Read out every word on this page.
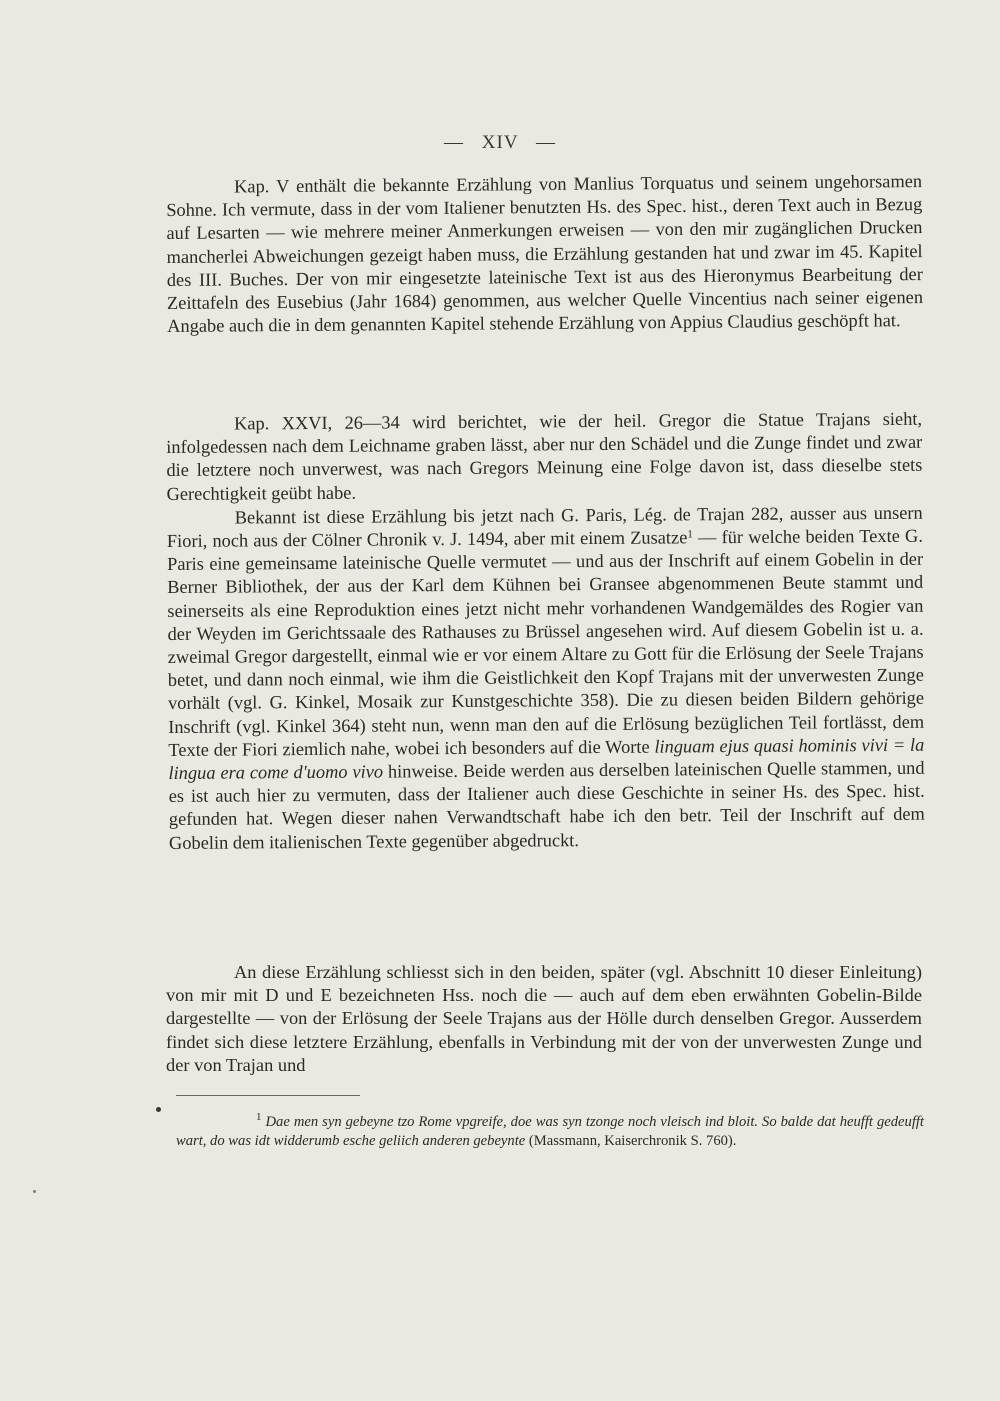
— XIV —

Kap. V enthält die bekannte Erzählung von Manlius Torquatus und seinem ungehorsamen Sohne. Ich vermute, dass in der vom Italiener benutzten Hs. des Spec. hist., deren Text auch in Bezug auf Lesarten — wie mehrere meiner Anmerkungen erweisen — von den mir zugänglichen Drucken mancherlei Abweichungen gezeigt haben muss, die Erzählung gestanden hat und zwar im 45. Kapitel des III. Buches. Der von mir eingesetzte lateinische Text ist aus des Hieronymus Bearbeitung der Zeittafeln des Eusebius (Jahr 1684) genommen, aus welcher Quelle Vincentius nach seiner eigenen Angabe auch die in dem genannten Kapitel stehende Erzählung von Appius Claudius geschöpft hat.

Kap. XXVI, 26—34 wird berichtet, wie der heil. Gregor die Statue Trajans sieht, infolgedessen nach dem Leichname graben lässt, aber nur den Schädel und die Zunge findet und zwar die letztere noch unverwest, was nach Gregors Meinung eine Folge davon ist, dass dieselbe stets Gerechtigkeit geübt habe.

Bekannt ist diese Erzählung bis jetzt nach G. Paris, Lég. de Trajan 282, ausser aus unsern Fiori, noch aus der Cölner Chronik v. J. 1494, aber mit einem Zusatze$^1$ — für welche beiden Texte G. Paris eine gemeinsame lateinische Quelle vermutet — und aus der Inschrift auf einem Gobelin in der Berner Bibliothek, der aus der Karl dem Kühnen bei Gransee abgenommenen Beute stammt und seinerseits als eine Reproduktion eines jetzt nicht mehr vorhandenen Wandgemäldes des Rogier van der Weyden im Gerichtssaale des Rathauses zu Brüssel angesehen wird. Auf diesem Gobelin ist u. a. zweimal Gregor dargestellt, einmal wie er vor einem Altare zu Gott für die Erlösung der Seele Trajans betet, und dann noch einmal, wie ihm die Geistlichkeit den Kopf Trajans mit der unverwesten Zunge vorhält (vgl. G. Kinkel, Mosaik zur Kunstgeschichte 358). Die zu diesen beiden Bildern gehörige Inschrift (vgl. Kinkel 364) steht nun, wenn man den auf die Erlösung bezüglichen Teil fortlässt, dem Texte der Fiori ziemlich nahe, wobei ich besonders auf die Worte linguam ejus quasi hominis vivi = la lingua era come d'uomo vivo hinweise. Beide werden aus derselben lateinischen Quelle stammen, und es ist auch hier zu vermuten, dass der Italiener auch diese Geschichte in seiner Hs. des Spec. hist. gefunden hat. Wegen dieser nahen Verwandtschaft habe ich den betr. Teil der Inschrift auf dem Gobelin dem italienischen Texte gegenüber abgedruckt.

An diese Erzählung schliesst sich in den beiden, später (vgl. Abschnitt 10 dieser Einleitung) von mir mit D und E bezeichneten Hss. noch die — auch auf dem eben erwähnten Gobelin-Bilde dargestellte — von der Erlösung der Seele Trajans aus der Hölle durch denselben Gregor. Ausserdem findet sich diese letztere Erzählung, ebenfalls in Verbindung mit der von der unverwesten Zunge und der von Trajan und

$^1$ Dae men syn gebeyne tzo Rome vpgreife, doe was syn tzonge noch vleisch ind bloit. So balde dat heufft gedeufft wart, do was idt widderumb esche geliich anderen gebeynte (Massmann, Kaiserchronik S. 760).
